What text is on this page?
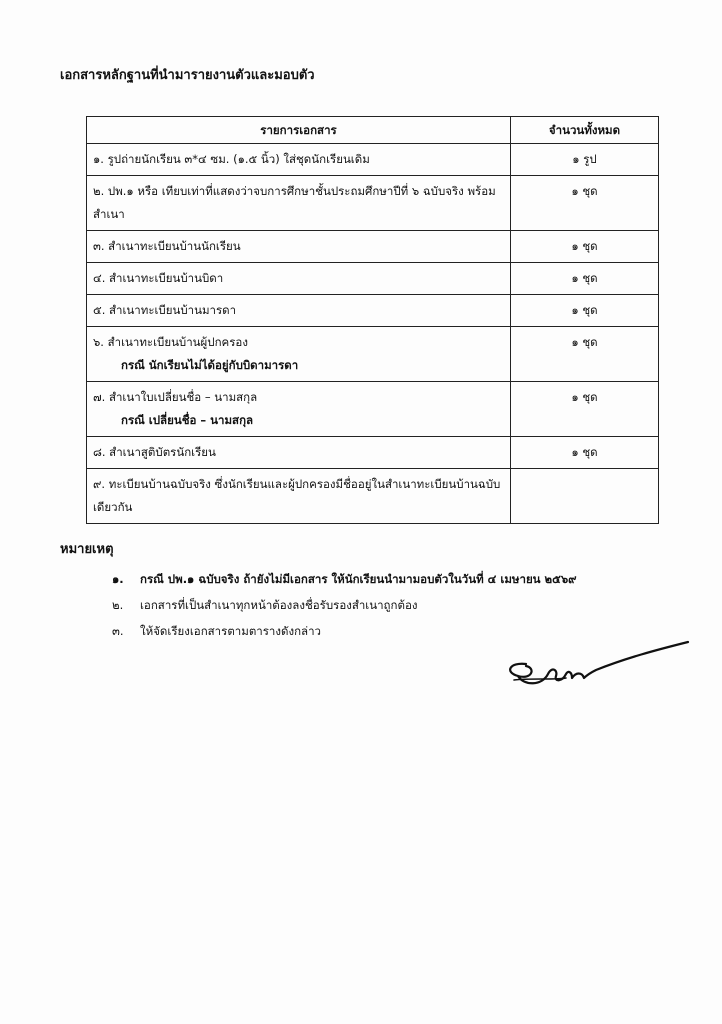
เอกสารหลักฐานที่นำมารายงานตัวและมอบตัว
รายการเอกสาร	จำนวนทั้งหมด
๑. รูปถ่ายนักเรียน ๓*๔ ซม. (๑.๕ นิ้ว) ใส่ชุดนักเรียนเดิม	๑ รูป
๒. ปพ.๑ หรือ เทียบเท่าที่แสดงว่าจบการศึกษาชั้นประถมศึกษาปีที่ ๖ ฉบับจริง พร้อมสำเนา	๑ ชุด
๓. สำเนาทะเบียนบ้านนักเรียน	๑ ชุด
๔. สำเนาทะเบียนบ้านบิดา	๑ ชุด
๕. สำเนาทะเบียนบ้านมารดา	๑ ชุด
๖. สำเนาทะเบียนบ้านผู้ปกครอง
กรณี นักเรียนไม่ได้อยู่กับบิดามารดา	๑ ชุด
๗. สำเนาใบเปลี่ยนชื่อ – นามสกุล
กรณี เปลี่ยนชื่อ – นามสกุล	๑ ชุด
๘. สำเนาสูติบัตรนักเรียน	๑ ชุด
๙. ทะเบียนบ้านฉบับจริง ซึ่งนักเรียนและผู้ปกครองมีชื่ออยู่ในสำเนาทะเบียนบ้านฉบับเดียวกัน	
หมายเหตุ
๑. กรณี ปพ.๑ ฉบับจริง ถ้ายังไม่มีเอกสาร ให้นักเรียนนำมามอบตัวในวันที่ ๔ เมษายน ๒๕๖๙
๒. เอกสารที่เป็นสำเนาทุกหน้าต้องลงชื่อรับรองสำเนาถูกต้อง
๓. ให้จัดเรียงเอกสารตามตารางดังกล่าว
